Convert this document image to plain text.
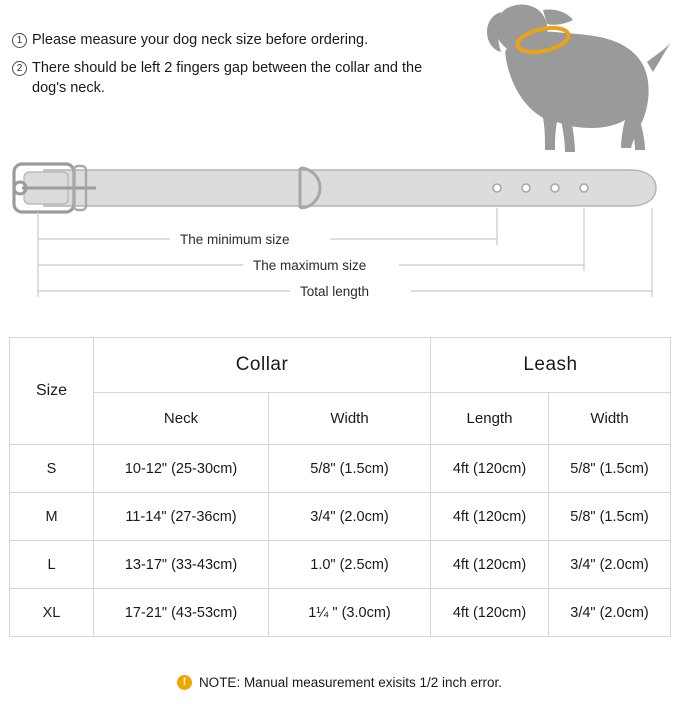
1 Please measure your dog neck size before ordering.
2 There should be left 2 fingers gap between the collar and the dog's neck.
The minimum size
The maximum size
Total length
Size	Collar		Leash	
	Neck	Width	Length	Width
S	10-12" (25-30cm)	5/8" (1.5cm)	4ft (120cm)	5/8" (1.5cm)
M	11-14" (27-36cm)	3/4" (2.0cm)	4ft (120cm)	5/8" (1.5cm)
L	13-17" (33-43cm)	1.0" (2.5cm)	4ft (120cm)	3/4" (2.0cm)
XL	17-21" (43-53cm)	1¼ " (3.0cm)	4ft (120cm)	3/4" (2.0cm)
! NOTE: Manual measurement exisits 1/2 inch error.
